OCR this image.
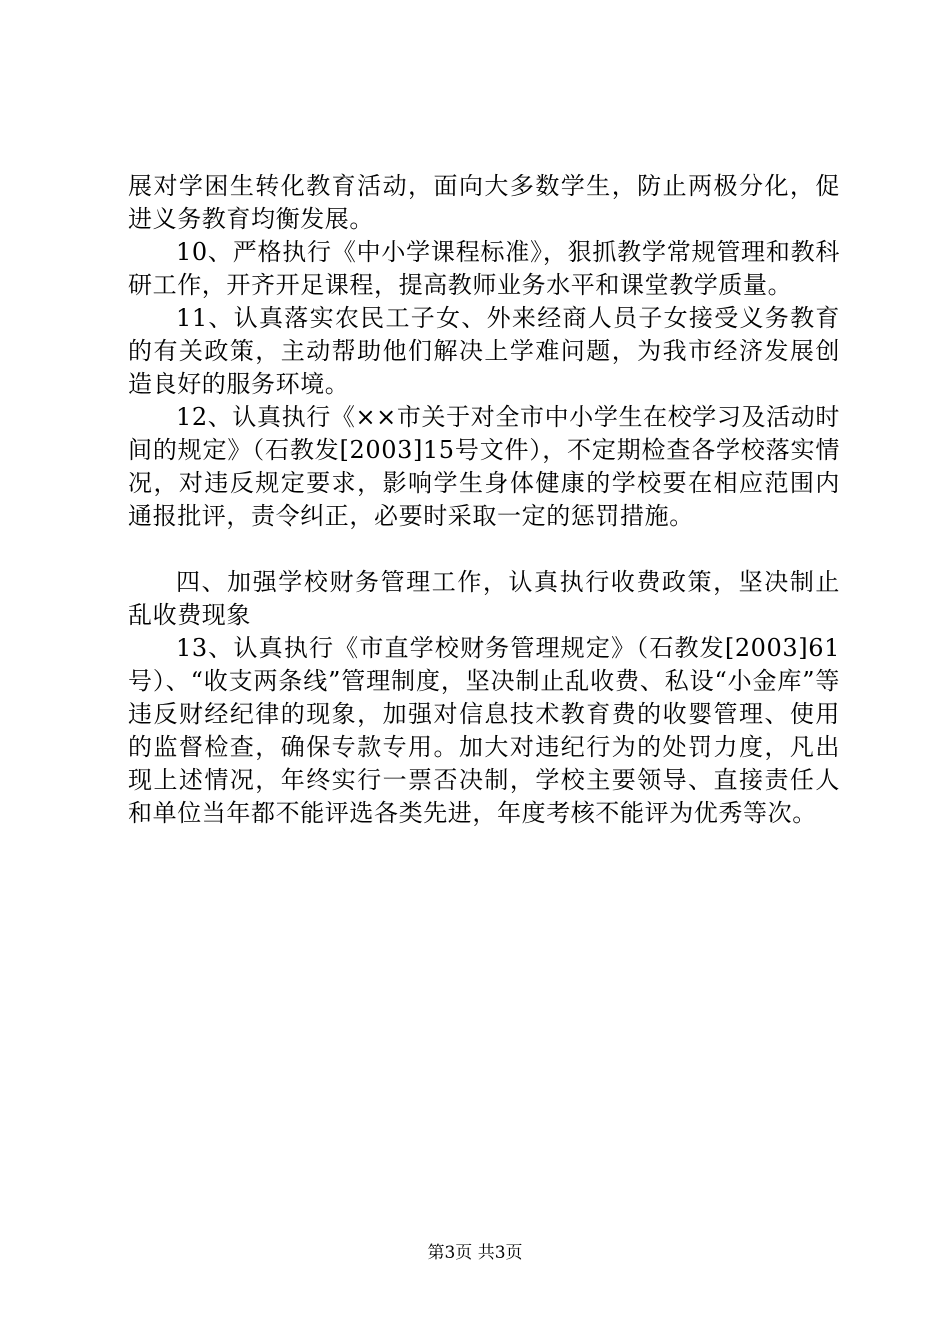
展对学困生转化教育活动，面向大多数学生，防止两极分化，促进义务教育均衡发展。

10、严格执行《中小学课程标准》，狠抓教学常规管理和教科研工作，开齐开足课程，提高教师业务水平和课堂教学质量。

11、认真落实农民工子女、外来经商人员子女接受义务教育的有关政策，主动帮助他们解决上学难问题，为我市经济发展创造良好的服务环境。

12、认真执行《××市关于对全市中小学生在校学习及活动时间的规定》（石教发[2003]15号文件），不定期检查各学校落实情况，对违反规定要求，影响学生身体健康的学校要在相应范围内通报批评，责令纠正，必要时采取一定的惩罚措施。

四、加强学校财务管理工作，认真执行收费政策，坚决制止乱收费现象

13、认真执行《市直学校财务管理规定》（石教发[2003]61号）、“收支两条线”管理制度，坚决制止乱收费、私设“小金库”等违反财经纪律的现象，加强对信息技术教育费的收婴管理、使用的监督检查，确保专款专用。加大对违纪行为的处罚力度，凡出现上述情况，年终实行一票否决制，学校主要领导、直接责任人和单位当年都不能评选各类先进，年度考核不能评为优秀等次。

第3页 共3页
